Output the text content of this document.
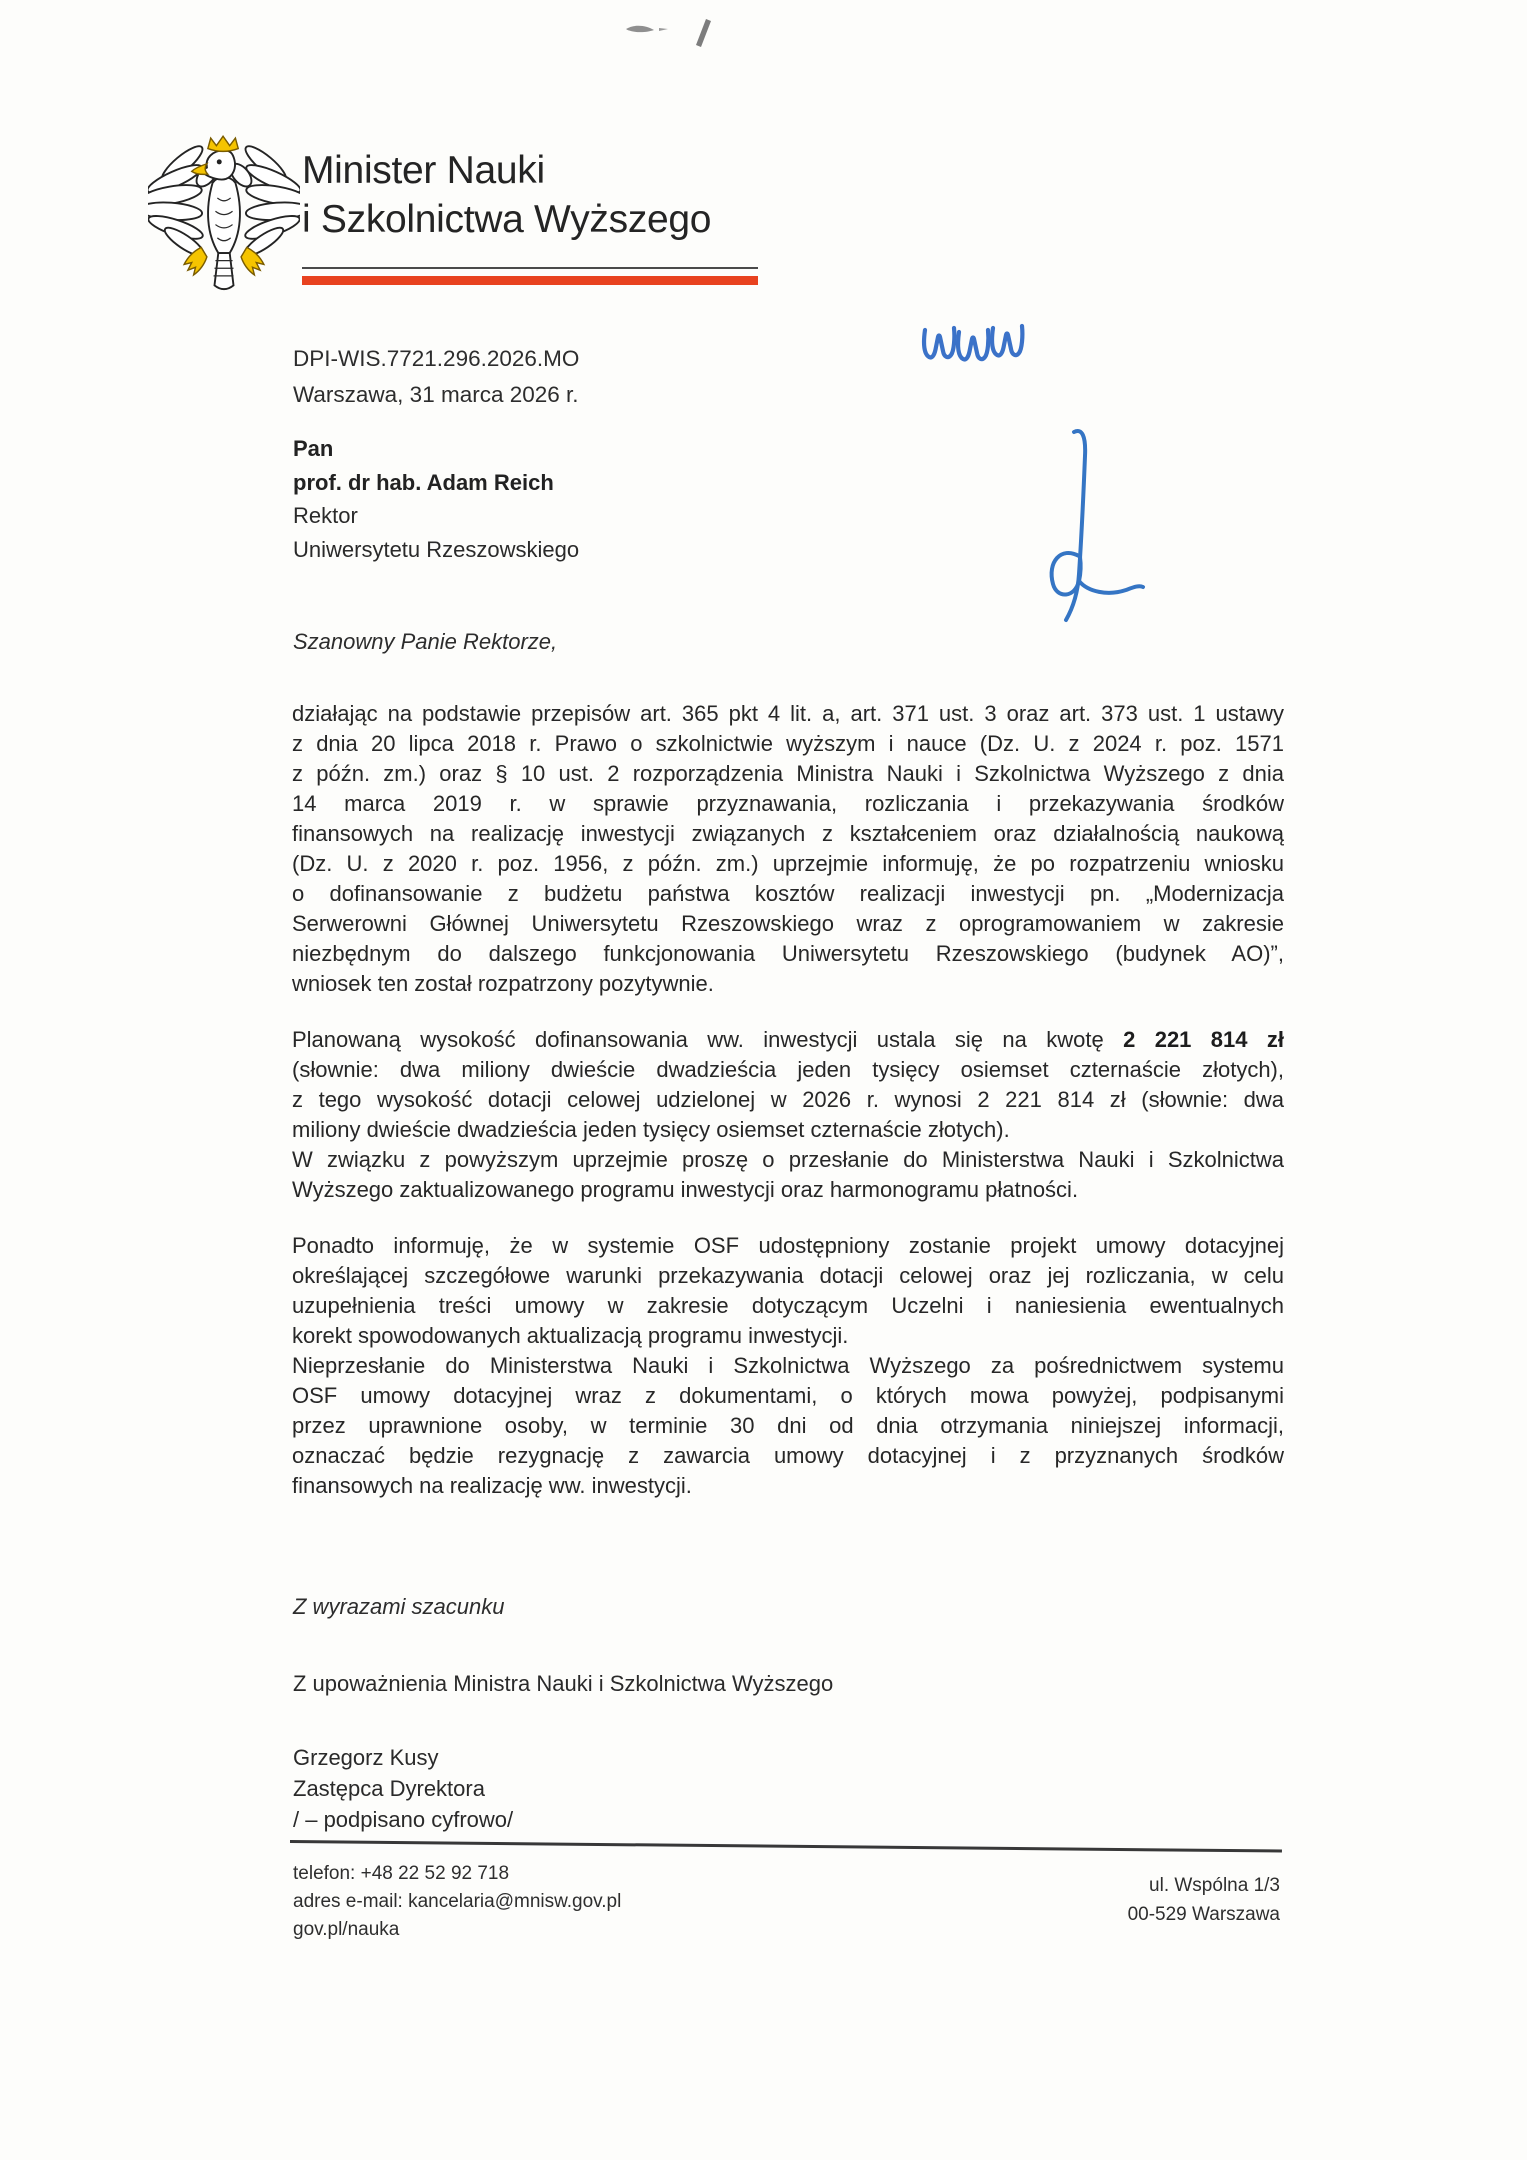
Minister Nauki
i Szkolnictwa Wyższego
DPI-WIS.7721.296.2026.MO
Warszawa, 31 marca 2026 r.
Pan
prof. dr hab. Adam Reich
Rektor
Uniwersytetu Rzeszowskiego
Szanowny Panie Rektorze,
działając na podstawie przepisów art. 365 pkt 4 lit. a, art. 371 ust. 3 oraz art. 373 ust. 1 ustawy
z dnia 20 lipca 2018 r. Prawo o szkolnictwie wyższym i nauce (Dz. U. z 2024 r. poz. 1571
z późn. zm.) oraz § 10 ust. 2 rozporządzenia Ministra Nauki i Szkolnictwa Wyższego z dnia
14 marca 2019 r. w sprawie przyznawania, rozliczania i przekazywania środków
finansowych na realizację inwestycji związanych z kształceniem oraz działalnością naukową
(Dz. U. z 2020 r. poz. 1956, z późn. zm.) uprzejmie informuję, że po rozpatrzeniu wniosku
o dofinansowanie z budżetu państwa kosztów realizacji inwestycji pn. „Modernizacja
Serwerowni Głównej Uniwersytetu Rzeszowskiego wraz z oprogramowaniem w zakresie
niezbędnym do dalszego funkcjonowania Uniwersytetu Rzeszowskiego (budynek AO)”,
wniosek ten został rozpatrzony pozytywnie.
Planowaną wysokość dofinansowania ww. inwestycji ustala się na kwotę 2 221 814 zł
(słownie: dwa miliony dwieście dwadzieścia jeden tysięcy osiemset czternaście złotych),
z tego wysokość dotacji celowej udzielonej w 2026 r. wynosi 2 221 814 zł (słownie: dwa
miliony dwieście dwadzieścia jeden tysięcy osiemset czternaście złotych).
W związku z powyższym uprzejmie proszę o przesłanie do Ministerstwa Nauki i Szkolnictwa
Wyższego zaktualizowanego programu inwestycji oraz harmonogramu płatności.
Ponadto informuję, że w systemie OSF udostępniony zostanie projekt umowy dotacyjnej
określającej szczegółowe warunki przekazywania dotacji celowej oraz jej rozliczania, w celu
uzupełnienia treści umowy w zakresie dotyczącym Uczelni i naniesienia ewentualnych
korekt spowodowanych aktualizacją programu inwestycji.
Nieprzesłanie do Ministerstwa Nauki i Szkolnictwa Wyższego za pośrednictwem systemu
OSF umowy dotacyjnej wraz z dokumentami, o których mowa powyżej, podpisanymi
przez uprawnione osoby, w terminie 30 dni od dnia otrzymania niniejszej informacji,
oznaczać będzie rezygnację z zawarcia umowy dotacyjnej i z przyznanych środków
finansowych na realizację ww. inwestycji.
Z wyrazami szacunku
Z upoważnienia Ministra Nauki i Szkolnictwa Wyższego
Grzegorz Kusy
Zastępca Dyrektora
/ – podpisano cyfrowo/
telefon: +48 22 52 92 718
adres e-mail: kancelaria@mnisw.gov.pl
gov.pl/nauka
ul. Wspólna 1/3
00-529 Warszawa
